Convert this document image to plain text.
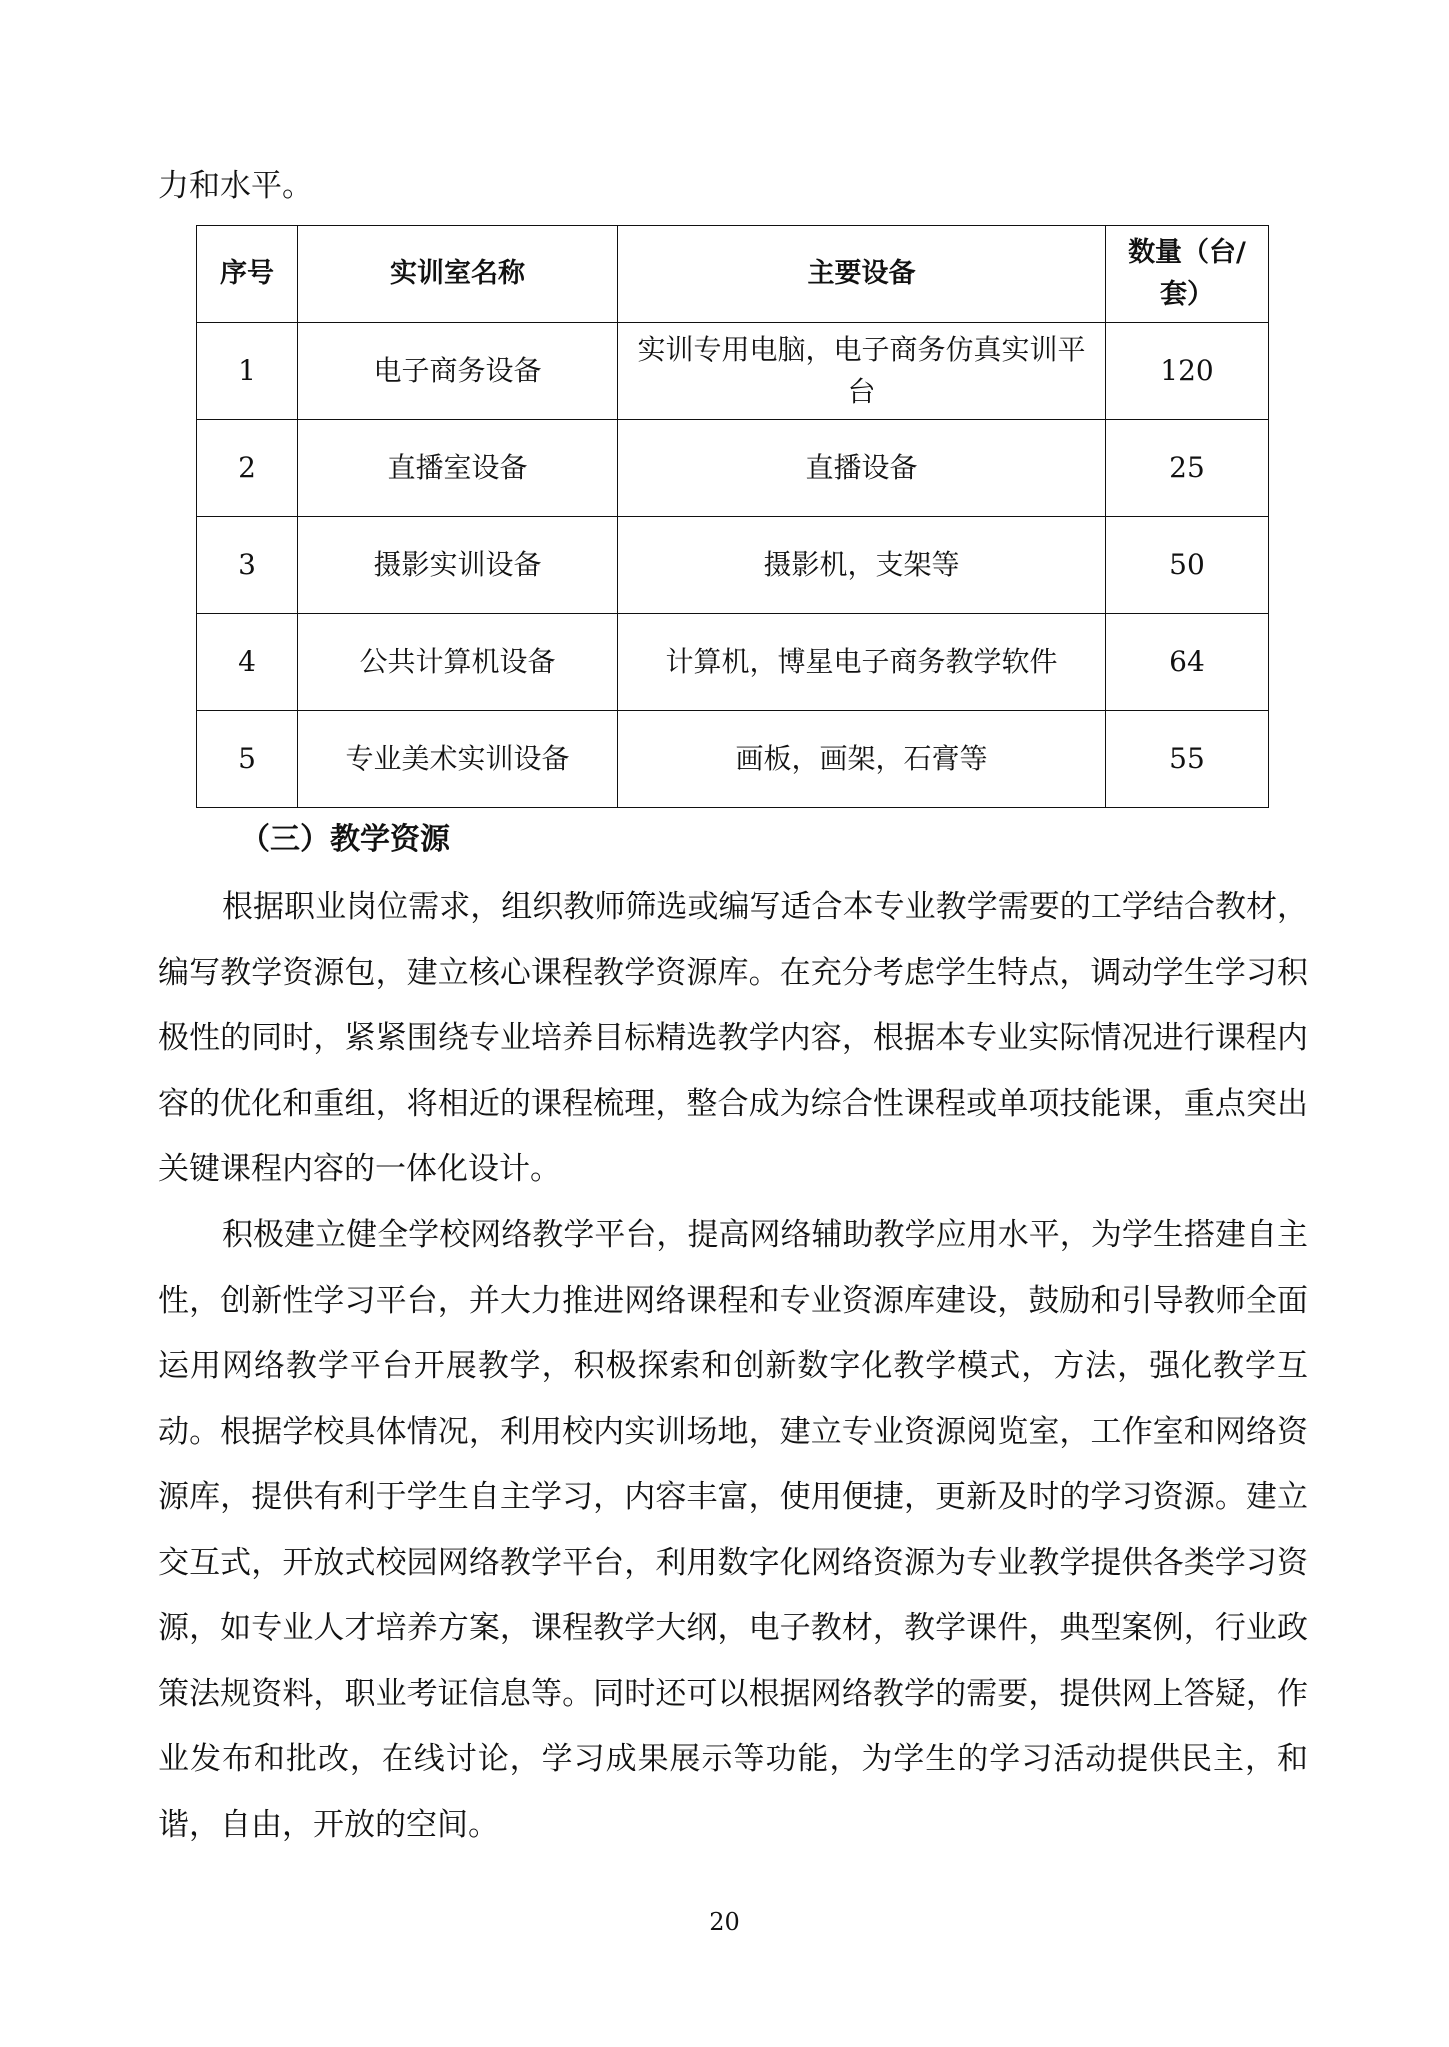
力和水平。

序号	实训室名称	主要设备	数量（台/套）
1	电子商务设备	实训专用电脑，电子商务仿真实训平台	120
2	直播室设备	直播设备	25
3	摄影实训设备	摄影机，支架等	50
4	公共计算机设备	计算机，博星电子商务教学软件	64
5	专业美术实训设备	画板，画架，石膏等	55
（三）教学资源

根据职业岗位需求，组织教师筛选或编写适合本专业教学需要的工学结合教材，编写教学资源包，建立核心课程教学资源库。在充分考虑学生特点，调动学生学习积极性的同时，紧紧围绕专业培养目标精选教学内容，根据本专业实际情况进行课程内容的优化和重组，将相近的课程梳理，整合成为综合性课程或单项技能课，重点突出关键课程内容的一体化设计。

积极建立健全学校网络教学平台，提高网络辅助教学应用水平，为学生搭建自主性，创新性学习平台，并大力推进网络课程和专业资源库建设，鼓励和引导教师全面运用网络教学平台开展教学，积极探索和创新数字化教学模式，方法，强化教学互动。根据学校具体情况，利用校内实训场地，建立专业资源阅览室，工作室和网络资源库，提供有利于学生自主学习，内容丰富，使用便捷，更新及时的学习资源。建立交互式，开放式校园网络教学平台，利用数字化网络资源为专业教学提供各类学习资源，如专业人才培养方案，课程教学大纲，电子教材，教学课件，典型案例，行业政策法规资料，职业考证信息等。同时还可以根据网络教学的需要，提供网上答疑，作业发布和批改，在线讨论，学习成果展示等功能，为学生的学习活动提供民主，和谐，自由，开放的空间。

20
